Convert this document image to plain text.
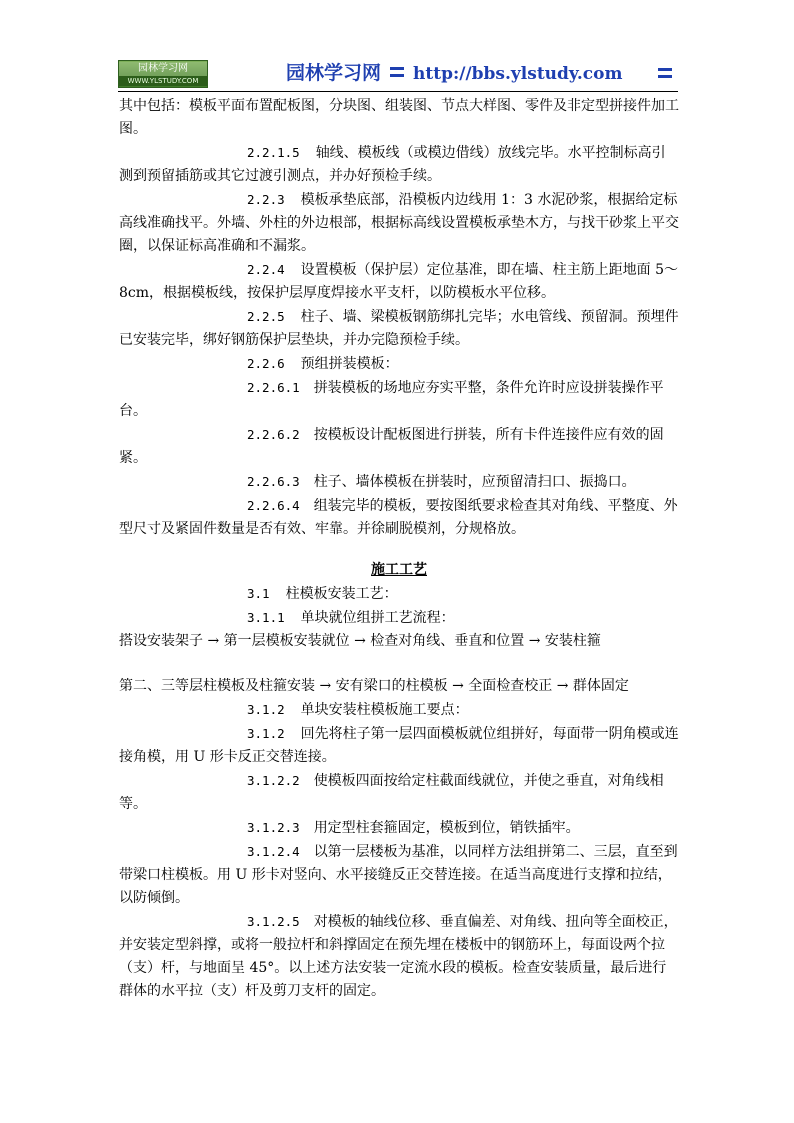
园林学习网
WWW.YLSTUDY.COM	园林学习网 http://bbs.ylstudy.com

其中包括：模板平面布置配板图，分块图、组装图、节点大样图、零件及非定型拼接件加工图。

2.2.1.5 轴线、模板线（或模边借线）放线完毕。水平控制标高引测到预留插筋或其它过渡引测点，并办好预检手续。

2.2.3 模板承垫底部，沿模板内边线用 1：3 水泥砂浆，根据给定标高线准确找平。外墙、外柱的外边根部，根据标高线设置模板承垫木方，与找干砂浆上平交圈，以保证标高准确和不漏浆。

2.2.4 设置模板（保护层）定位基准，即在墙、柱主筋上距地面 5～8cm，根据模板线，按保护层厚度焊接水平支杆，以防模板水平位移。

2.2.5 柱子、墙、梁模板钢筋绑扎完毕；水电管线、预留洞。预埋件已安装完毕，绑好钢筋保护层垫块，并办完隐预检手续。

2.2.6 预组拼装模板：

2.2.6.1 拼装模板的场地应夯实平整，条件允许时应设拼装操作平台。

2.2.6.2 按模板设计配板图进行拼装，所有卡件连接件应有效的固紧。

2.2.6.3 柱子、墙体模板在拼装时，应预留清扫口、振捣口。

2.2.6.4 组装完毕的模板，要按图纸要求检查其对角线、平整度、外型尺寸及紧固件数量是否有效、牢靠。并徐刷脱模剂，分规格放。

施工工艺

3.1 柱模板安装工艺：

3.1.1 单块就位组拼工艺流程：

搭设安装架子 → 第一层模板安装就位 → 检查对角线、垂直和位置 → 安装柱箍

第二、三等层柱模板及柱箍安装 → 安有梁口的柱模板 → 全面检查校正 → 群体固定

3.1.2 单块安装柱模板施工要点：

3.1.2 回先将柱子第一层四面模板就位组拼好，每面带一阴角模或连接角模，用 U 形卡反正交替连接。

3.1.2.2 使模板四面按给定柱截面线就位，并使之垂直，对角线相等。

3.1.2.3 用定型柱套箍固定，模板到位，销铁插牢。

3.1.2.4 以第一层楼板为基准，以同样方法组拼第二、三层，直至到带梁口柱模板。用 U 形卡对竖向、水平接缝反正交替连接。在适当高度进行支撑和拉结，以防倾倒。

3.1.2.5 对模板的轴线位移、垂直偏差、对角线、扭向等全面校正，并安装定型斜撑，或将一般拉杆和斜撑固定在预先埋在楼板中的钢筋环上，每面设两个拉（支）杆，与地面呈 45°。以上述方法安装一定流水段的模板。检查安装质量，最后进行群体的水平拉（支）杆及剪刀支杆的固定。
